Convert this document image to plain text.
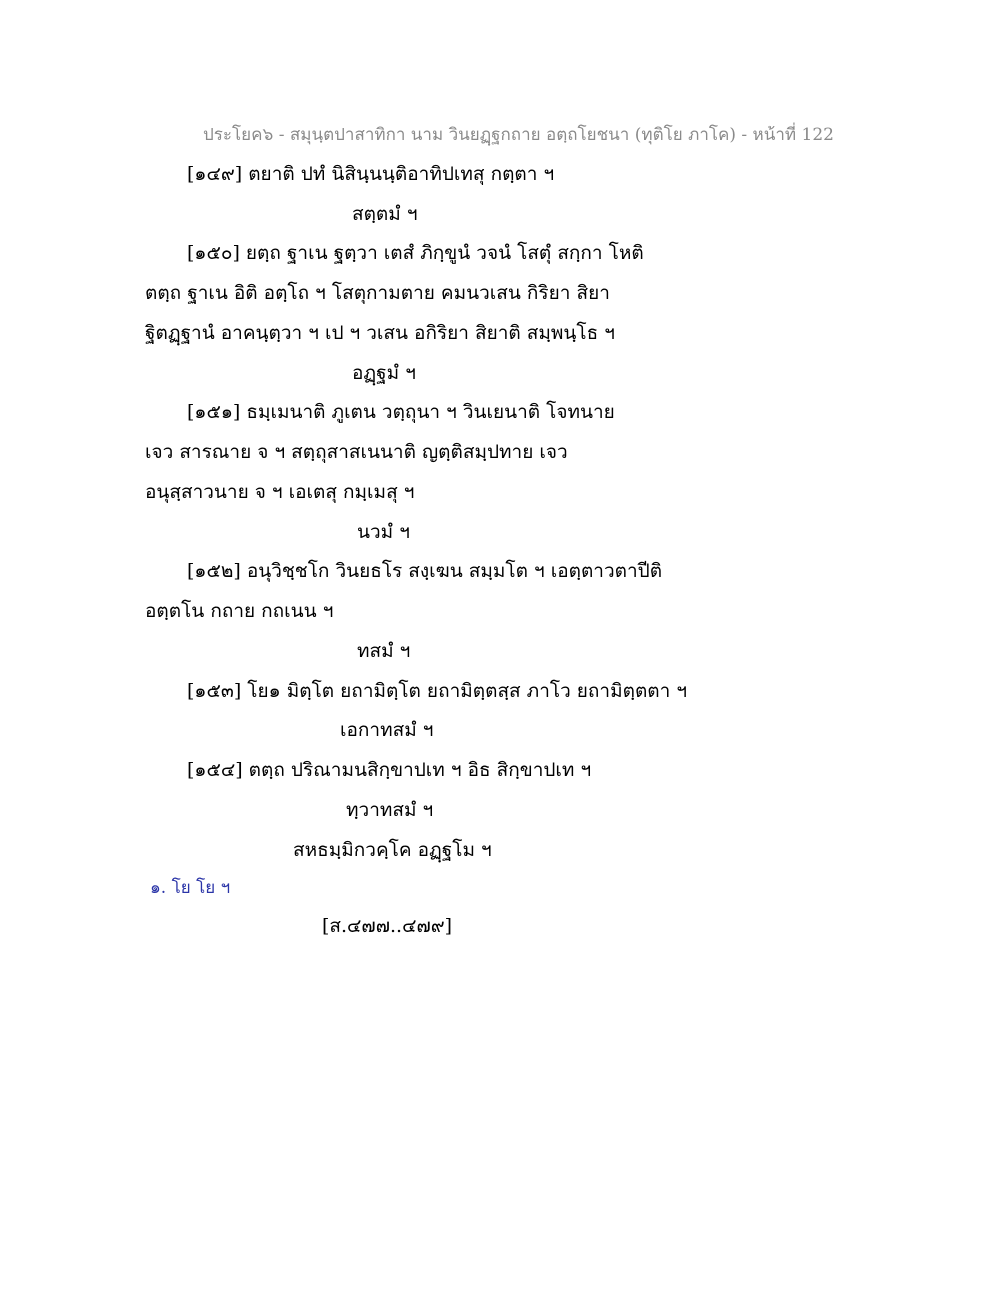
ประโยค๖ - สมุนฺตปาสาทิกา นาม วินยฏฺฐกถาย อตฺถโยชนา (ทุติโย ภาโค) - หน้าที่ 122
[๑๔๙] ตยาติ ปทํ นิสินฺนนฺติอาทิปเทสุ กตฺตา ฯ
สตฺตมํ ฯ
[๑๕๐] ยตฺถ ฐาเน ฐตฺวา เตสํ ภิกฺขูนํ วจนํ โสตุํ สกฺกา โหติ
ตตฺถ ฐาเน อิติ อตฺโถ ฯ โสตุกามตาย คมนวเสน กิริยา สิยา
ฐิตฏฺฐานํ อาคนฺตฺวา ฯ เป ฯ วเสน อกิริยา สิยาติ สมฺพนฺโธ ฯ
อฏฺฐมํ ฯ
[๑๕๑] ธมฺเมนาติ ภูเตน วตฺถุนา ฯ วินเยนาติ โจทนาย
เจว สารณาย จ ฯ สตฺถุสาสเนนาติ ญตฺติสมฺปทาย เจว
อนุสฺสาวนาย จ ฯ เอเตสุ กมฺเมสุ ฯ
นวมํ ฯ
[๑๕๒] อนุวิชฺชโก วินยธโร สงฺเฆน สมฺมโต ฯ เอตฺตาวตาปีติ
อตฺตโน กถาย กถเนน ฯ
ทสมํ ฯ
[๑๕๓] โย๑ มิตฺโต ยถามิตฺโต ยถามิตฺตสฺส ภาโว ยถามิตฺตตา ฯ
เอกาทสมํ ฯ
[๑๕๔] ตตฺถ ปริณามนสิกฺขาปเท ฯ อิธ สิกฺขาปเท ฯ
ทฺวาทสมํ ฯ
สหธมฺมิกวคฺโค อฏฺฐโม ฯ
๑. โย โย ฯ
[ส.๔๗๗..๔๗๙]
